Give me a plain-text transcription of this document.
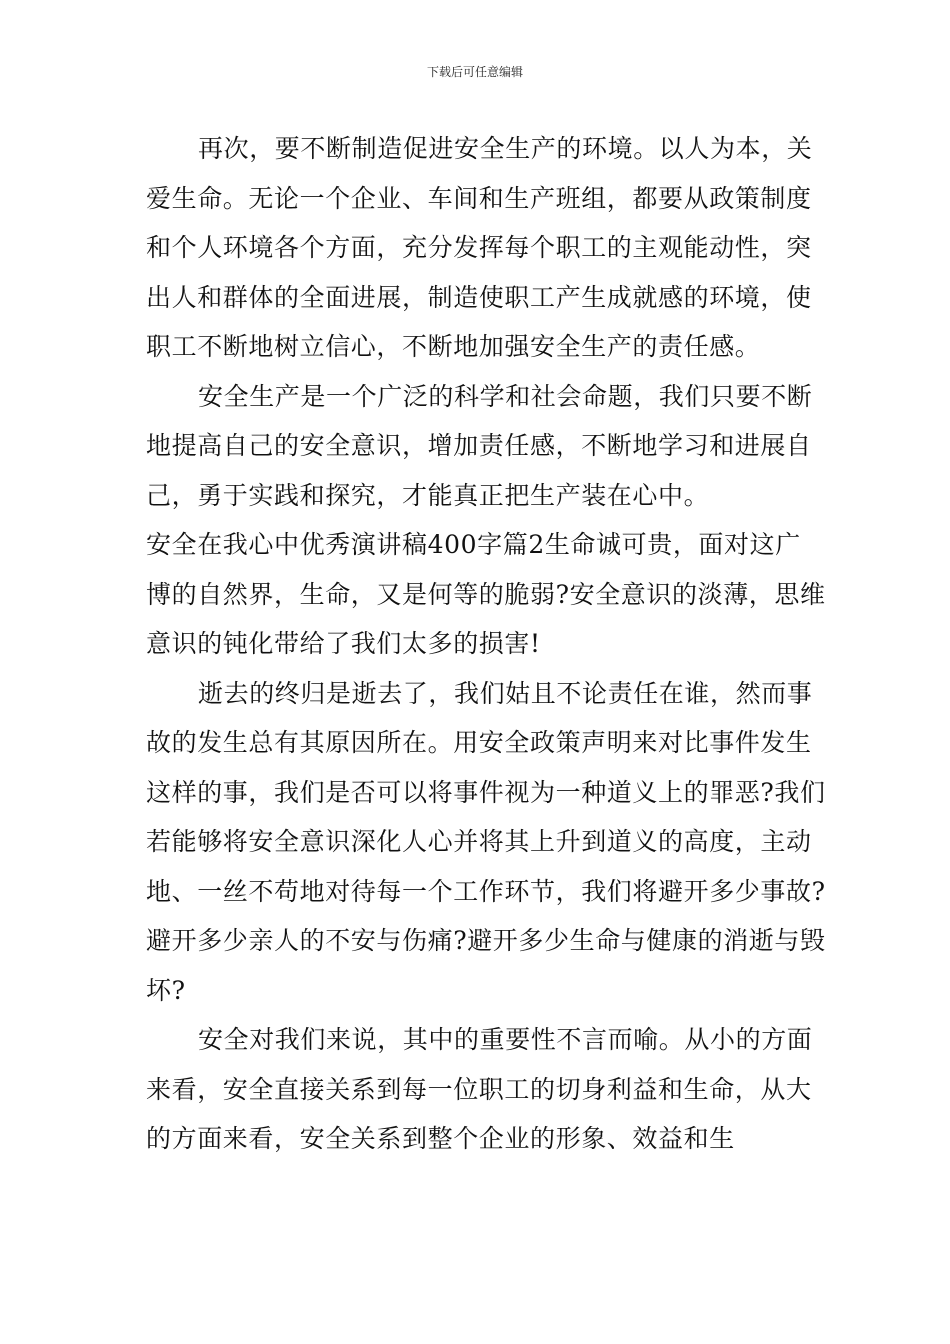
下载后可任意编辑

再次，要不断制造促进安全生产的环境。以人为本，关爱生命。无论一个企业、车间和生产班组，都要从政策制度和个人环境各个方面，充分发挥每个职工的主观能动性，突出人和群体的全面进展，制造使职工产生成就感的环境，使职工不断地树立信心，不断地加强安全生产的责任感。

安全生产是一个广泛的科学和社会命题，我们只要不断地提高自己的安全意识，增加责任感，不断地学习和进展自己，勇于实践和探究，才能真正把生产装在心中。

安全在我心中优秀演讲稿400字篇2生命诚可贵，面对这广博的自然界，生命，又是何等的脆弱?安全意识的淡薄，思维意识的钝化带给了我们太多的损害!

逝去的终归是逝去了，我们姑且不论责任在谁，然而事故的发生总有其原因所在。用安全政策声明来对比事件发生这样的事，我们是否可以将事件视为一种道义上的罪恶?我们若能够将安全意识深化人心并将其上升到道义的高度，主动地、一丝不苟地对待每一个工作环节，我们将避开多少事故?避开多少亲人的不安与伤痛?避开多少生命与健康的消逝与毁坏?

安全对我们来说，其中的重要性不言而喻。从小的方面来看，安全直接关系到每一位职工的切身利益和生命，从大的方面来看，安全关系到整个企业的形象、效益和生
